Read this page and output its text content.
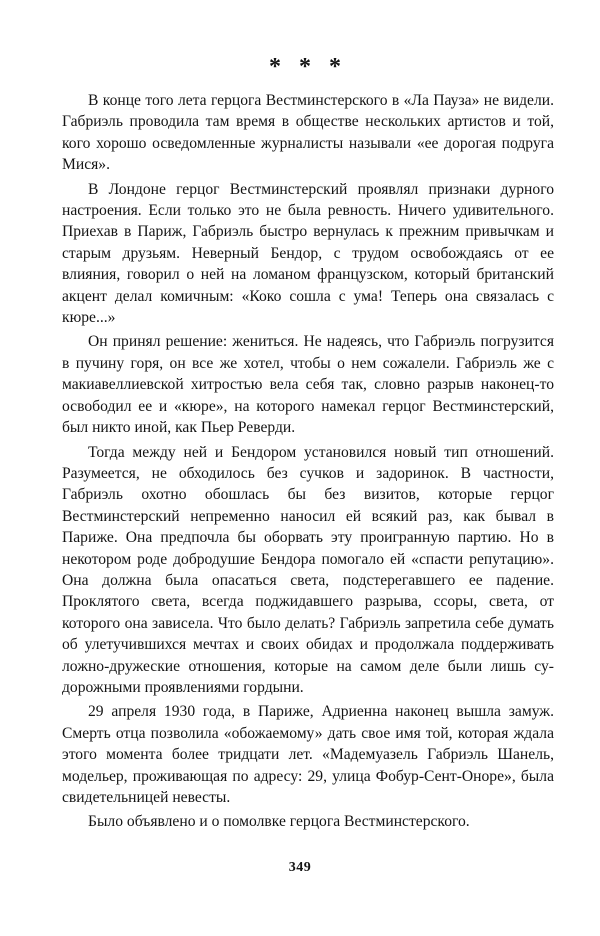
* * *

В конце того лета герцога Вестминстерского в «Ла Пауза» не видели. Габриэль проводила там время в обществе нескольких артистов и той, кого хорошо осведомленные журналисты называли «ее дорогая подруга Мися».

В Лондоне герцог Вестминстерский проявлял признаки дурного настроения. Если только это не была ревность. Ничего удивительного. Приехав в Париж, Габриэль быстро вернулась к прежним привычкам и старым друзьям. Неверный Бендор, с трудом освобождаясь от ее влияния, говорил о ней на ломаном французском, который британский акцент делал комичным: «Коко сошла с ума! Теперь она связалась с кюре...»

Он принял решение: жениться. Не надеясь, что Габриэль погрузится в пучину горя, он все же хотел, чтобы о нем сожалели. Габриэль же с макиавеллиевской хитростью вела себя так, словно разрыв наконец-то освободил ее и «кюре», на которого намекал герцог Вестминстерский, был никто иной, как Пьер Реверди.

Тогда между ней и Бендором установился новый тип отношений. Разумеется, не обходилось без сучков и задоринок. В частности, Габриэль охотно обошлась бы без визитов, которые герцог Вестминстерский непременно наносил ей всякий раз, как бывал в Париже. Она предпочла бы оборвать эту проигранную партию. Но в некотором роде добродушие Бендора помогало ей «спасти репутацию». Она должна была опасаться света, подстерегавшего ее падение. Проклятого света, всегда поджидавшего разрыва, ссоры, света, от которого она зависела. Что было делать? Габриэль запретила себе думать об улетучившихся мечтах и своих обидах и продолжала поддерживать ложно-дружеские отношения, которые на самом деле были лишь судорожными проявлениями гордыни.

29 апреля 1930 года, в Париже, Адриенна наконец вышла замуж. Смерть отца позволила «обожаемому» дать свое имя той, которая ждала этого момента более тридцати лет. «Мадемуазель Габриэль Шанель, модельер, проживающая по адресу: 29, улица Фобур-Сент-Оноре», была свидетельницей невесты.

Было объявлено и о помолвке герцога Вестминстерского.

349
